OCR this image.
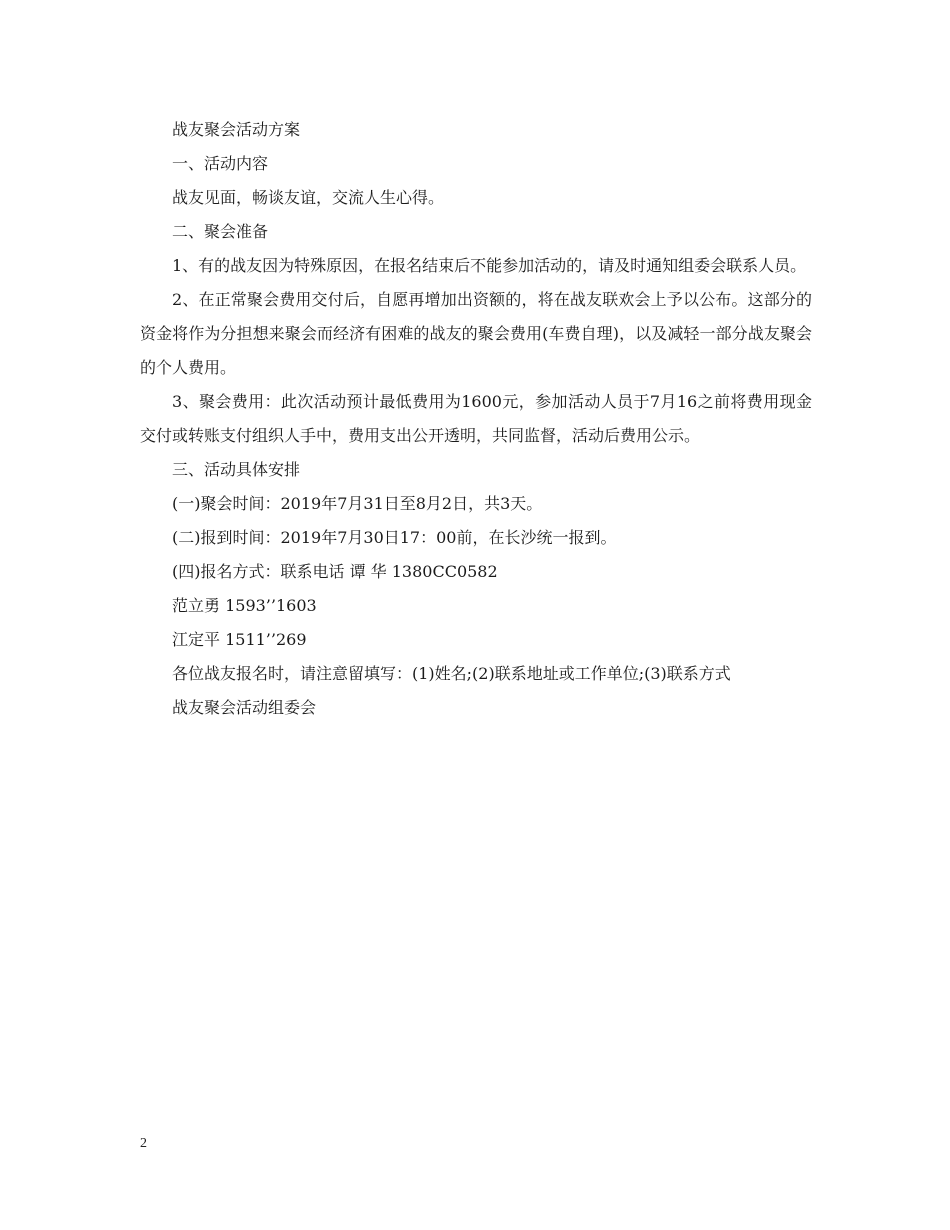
战友聚会活动方案

一、活动内容

战友见面，畅谈友谊，交流人生心得。

二、聚会准备

1、有的战友因为特殊原因，在报名结束后不能参加活动的，请及时通知组委会联系人员。

2、在正常聚会费用交付后，自愿再增加出资额的，将在战友联欢会上予以公布。这部分的资金将作为分担想来聚会而经济有困难的战友的聚会费用(车费自理)，以及减轻一部分战友聚会的个人费用。

3、聚会费用：此次活动预计最低费用为1600元，参加活动人员于7月16之前将费用现金交付或转账支付组织人手中，费用支出公开透明，共同监督，活动后费用公示。

三、活动具体安排

(一)聚会时间：2019年7月31日至8月2日，共3天。

(二)报到时间：2019年7月30日17：00前，在长沙统一报到。

(四)报名方式：联系电话 谭 华 1380CC0582

范立勇 1593’’1603

江定平 1511’’269

各位战友报名时，请注意留填写：(1)姓名;(2)联系地址或工作单位;(3)联系方式

战友聚会活动组委会

2
